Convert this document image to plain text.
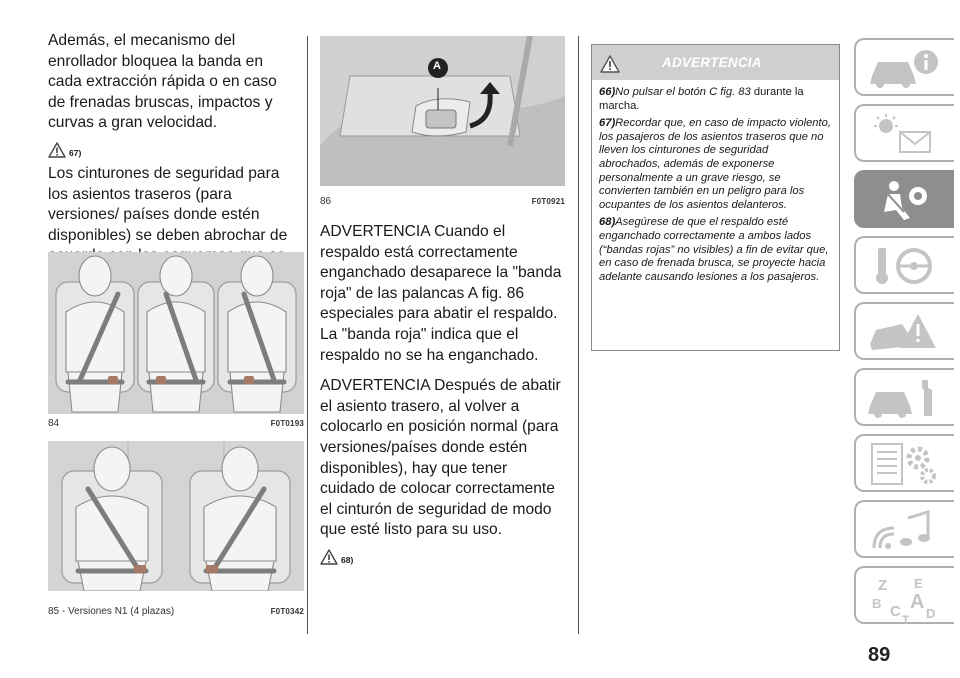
Además, el mecanismo del enrollador bloquea la banda en cada extracción rápida o en caso de frenadas bruscas, impactos y curvas a gran velocidad.

67)

Los cinturones de seguridad para los asientos traseros (para versiones/ países donde estén disponibles) se deben abrochar de

84	F0T0193
85 - Versiones N1 (4 plazas)	F0T0342
A
86	F0T0921

ADVERTENCIA Cuando el respaldo está correctamente enganchado desaparece la "banda roja" de las palancas A fig. 86 especiales para abatir el respaldo. La "banda roja" indica que el respaldo no se ha enganchado.

ADVERTENCIA Después de abatir el asiento trasero, al volver a colocarlo en posición normal (para versiones/países donde estén disponibles), hay que tener cuidado de colocar correctamente el cinturón de seguridad de modo que esté listo para su uso.

68)
ADVERTENCIA

66)No pulsar el botón C fig. 83 durante la marcha.

67)Recordar que, en caso de impacto violento, los pasajeros de los asientos traseros que no lleven los cinturones de seguridad abrochados, además de exponerse personalmente a un grave riesgo, se convierten también en un peligro para los ocupantes de los asientos delanteros.

68)Asegúrese de que el respaldo esté enganchado correctamente a ambos lados (“bandas rojas” no visibles) a fin de evitar que, en caso de frenada brusca, se proyecte hacia adelante causando lesiones a los pasajeros.

Z E
B A
C D
T
89
